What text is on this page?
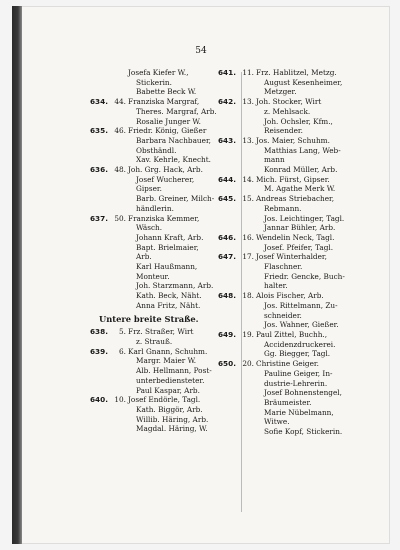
54
Josefa Kiefer W.,
Stickerin.
Babette Beck W.
634. 44. Franziska Margraf,
Theres. Margraf, Arb.
Rosalie Junger W.
635. 46. Friedr. König, Gießer
Barbara Nachbauer,
Obsthändl.
Xav. Kehrle, Knecht.
636. 48. Joh. Grg. Hack, Arb.
Josef Wucherer,
Gipser.
Barb. Greiner, Milch-
händlerin.
637. 50. Franziska Kemmer,
Wäsch.
Johann Kraft, Arb.
Bapt. Brielmaier,
Arb.
Karl Haußmann,
Monteur.
Joh. Starzmann, Arb.
Kath. Beck, Näht.
Anna Fritz, Näht.
Untere breite Straße.
638.	5. Frz. Straßer, Wirt
z. Strauß.
639.	6. Karl Gnann, Schuhm.
Margr. Maier W.
Alb. Hellmann, Post-
unterbediensteter.
Paul Kaspar, Arb.
640. 10. Josef Endörle, Tagl.
Kath. Biggör, Arb.
Willib. Häring, Arb.
Magdal. Häring, W.
641. 11. Frz. Hablitzel, Metzg.
August Kesenheimer,
Metzger.
642. 13. Joh. Stocker, Wirt
z. Mehlsack.
Joh. Ochsler, Kfm.,
Reisender.
643. 13. Jos. Maier, Schuhm.
Matthias Lang, Web-
mann
Konrad Müller, Arb.
644. 14. Mich. Fürst, Gipser.
M. Agathe Merk W.
645. 15. Andreas Striebacher,
Rebmann.
Jos. Leichtinger, Tagl.
Jannar Bühler, Arb.
646. 16. Wendelin Neck, Tagl.
Josef. Pfeifer, Tagl.
647. 17. Josef Winterhalder,
Flaschner.
Friedr. Gencke, Buch-
halter.
648. 18. Alois Fischer, Arb.
Jos. Rittelmann, Zu-
schneider.
Jos. Wahner, Gießer.
649. 19. Paul Zittel, Buchh.,
Accidenzdruckerei.
Gg. Biegger, Tagl.
650. 20. Christine Geiger.
Pauline Geiger, In-
dustrie-Lehrerin.
Josef Bohnenstengel,
Bräumeister.
Marie Nübelmann,
Witwe.
Sofie Kopf, Stickerin.
